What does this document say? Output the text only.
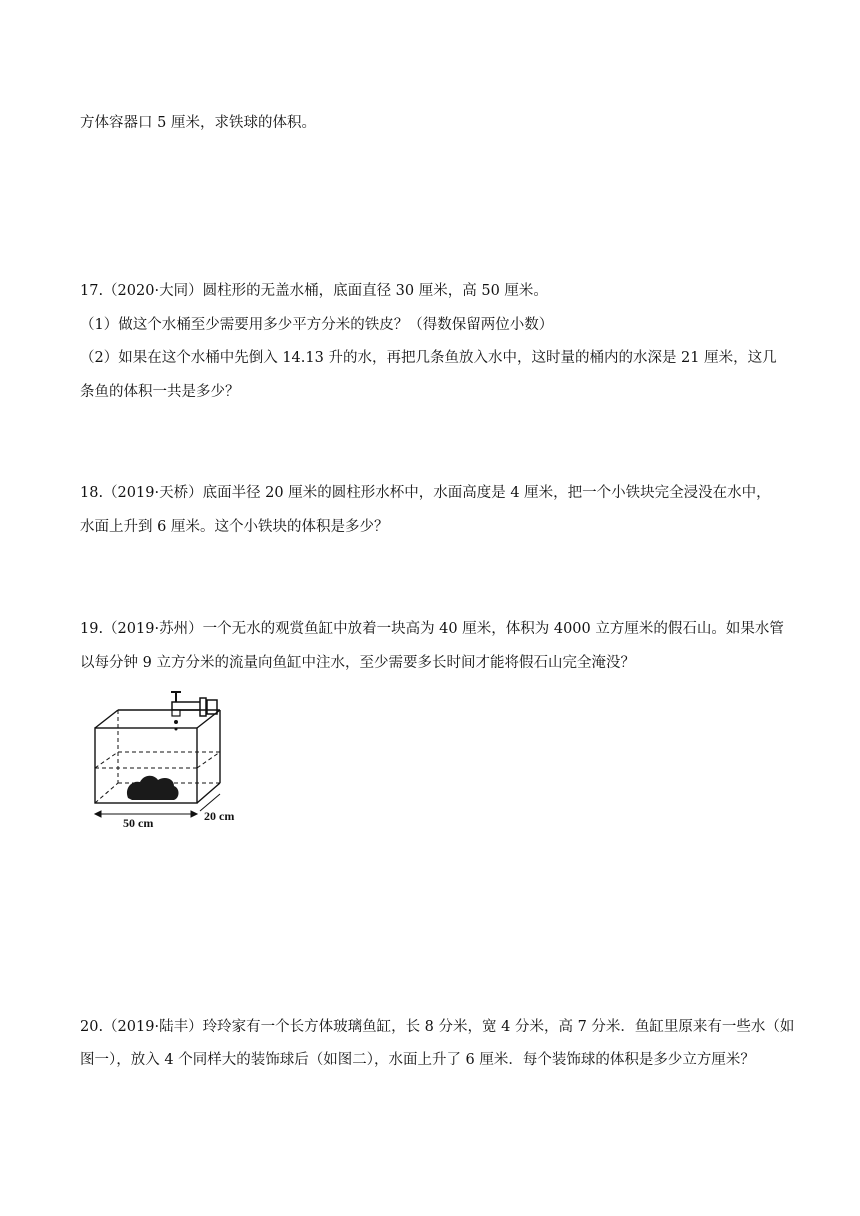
方体容器口 5 厘米，求铁球的体积。
17.（2020·大同）圆柱形的无盖水桶，底面直径 30 厘米，高 50 厘米。
（1）做这个水桶至少需要用多少平方分米的铁皮？（得数保留两位小数）
（2）如果在这个水桶中先倒入 14.13 升的水，再把几条鱼放入水中，这时量的桶内的水深是 21 厘米，这几
条鱼的体积一共是多少？
18.（2019·天桥）底面半径 20 厘米的圆柱形水杯中，水面高度是 4 厘米，把一个小铁块完全浸没在水中，
水面上升到 6 厘米。这个小铁块的体积是多少？
19.（2019·苏州）一个无水的观赏鱼缸中放着一块高为 40 厘米，体积为 4000 立方厘米的假石山。如果水管
以每分钟 9 立方分米的流量向鱼缸中注水，至少需要多长时间才能将假石山完全淹没？
50 cm	20 cm
20.（2019·陆丰）玲玲家有一个长方体玻璃鱼缸，长 8 分米，宽 4 分米，高 7 分米．鱼缸里原来有一些水（如
图一），放入 4 个同样大的装饰球后（如图二），水面上升了 6 厘米．每个装饰球的体积是多少立方厘米？
